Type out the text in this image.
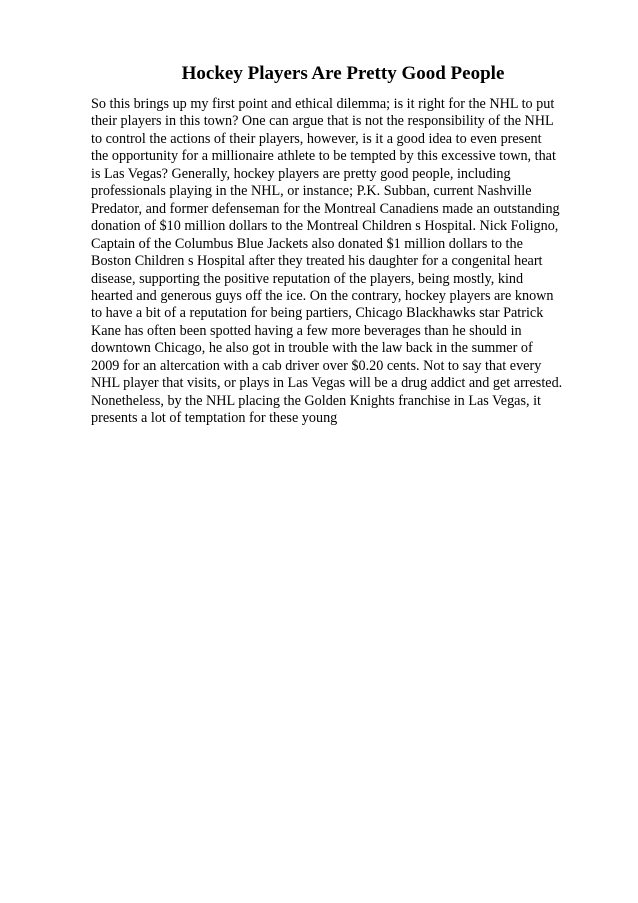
Hockey Players Are Pretty Good People
So this brings up my first point and ethical dilemma; is it right for the NHL to put
their players in this town? One can argue that is not the responsibility of the NHL
to control the actions of their players, however, is it a good idea to even present
the opportunity for a millionaire athlete to be tempted by this excessive town, that
is Las Vegas? Generally, hockey players are pretty good people, including
professionals playing in the NHL, or instance; P.K. Subban, current Nashville
Predator, and former defenseman for the Montreal Canadiens made an outstanding
donation of $10 million dollars to the Montreal Children s Hospital. Nick Foligno,
Captain of the Columbus Blue Jackets also donated $1 million dollars to the
Boston Children s Hospital after they treated his daughter for a congenital heart
disease, supporting the positive reputation of the players, being mostly, kind
hearted and generous guys off the ice. On the contrary, hockey players are known
to have a bit of a reputation for being partiers, Chicago Blackhawks star Patrick
Kane has often been spotted having a few more beverages than he should in
downtown Chicago, he also got in trouble with the law back in the summer of
2009 for an altercation with a cab driver over $0.20 cents. Not to say that every
NHL player that visits, or plays in Las Vegas will be a drug addict and get arrested.
Nonetheless, by the NHL placing the Golden Knights franchise in Las Vegas, it
presents a lot of temptation for these young
